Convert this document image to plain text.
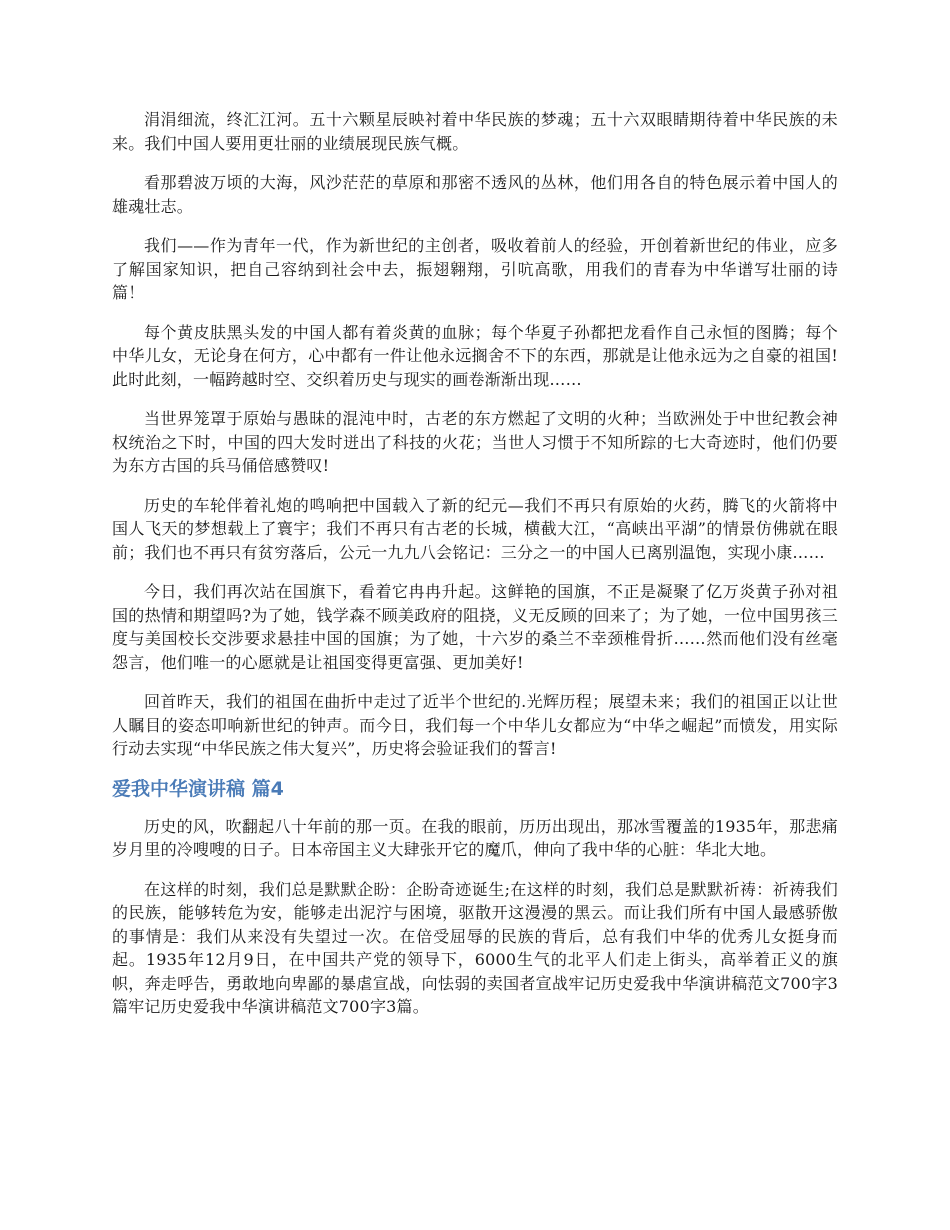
涓涓细流，终汇江河。五十六颗星辰映衬着中华民族的梦魂；五十六双眼睛期待着中华民族的未来。我们中国人要用更壮丽的业绩展现民族气概。

看那碧波万顷的大海，风沙茫茫的草原和那密不透风的丛林，他们用各自的特色展示着中国人的雄魂壮志。

我们——作为青年一代，作为新世纪的主创者，吸收着前人的经验，开创着新世纪的伟业，应多了解国家知识，把自己容纳到社会中去，振翅翱翔，引吭高歌，用我们的青春为中华谱写壮丽的诗篇！

每个黄皮肤黑头发的中国人都有着炎黄的血脉；每个华夏子孙都把龙看作自己永恒的图腾；每个中华儿女，无论身在何方，心中都有一件让他永远搁舍不下的东西，那就是让他永远为之自豪的祖国!此时此刻，一幅跨越时空、交织着历史与现实的画卷渐渐出现……

当世界笼罩于原始与愚昧的混沌中时，古老的东方燃起了文明的火种；当欧洲处于中世纪教会神权统治之下时，中国的四大发时迸出了科技的火花；当世人习惯于不知所踪的七大奇迹时，他们仍要为东方古国的兵马俑倍感赞叹!

历史的车轮伴着礼炮的鸣响把中国载入了新的纪元—我们不再只有原始的火药，腾飞的火箭将中国人飞天的梦想载上了寰宇；我们不再只有古老的长城，横截大江，“高峡出平湖”的情景仿佛就在眼前；我们也不再只有贫穷落后，公元一九九八会铭记：三分之一的中国人已离别温饱，实现小康……

今日，我们再次站在国旗下，看着它冉冉升起。这鲜艳的国旗，不正是凝聚了亿万炎黄子孙对祖国的热情和期望吗?为了她，钱学森不顾美政府的阻挠，义无反顾的回来了；为了她，一位中国男孩三度与美国校长交涉要求悬挂中国的国旗；为了她，十六岁的桑兰不幸颈椎骨折……然而他们没有丝毫怨言，他们唯一的心愿就是让祖国变得更富强、更加美好!

回首昨天，我们的祖国在曲折中走过了近半个世纪的.光辉历程；展望未来；我们的祖国正以让世人瞩目的姿态叩响新世纪的钟声。而今日，我们每一个中华儿女都应为“中华之崛起”而愤发，用实际行动去实现“中华民族之伟大复兴”，历史将会验证我们的誓言!

爱我中华演讲稿 篇4

历史的风，吹翻起八十年前的那一页。在我的眼前，历历出现出，那冰雪覆盖的1935年，那悲痛岁月里的冷嗖嗖的日子。日本帝国主义大肆张开它的魔爪，伸向了我中华的心脏：华北大地。

在这样的时刻，我们总是默默企盼：企盼奇迹诞生;在这样的时刻，我们总是默默祈祷：祈祷我们的民族，能够转危为安，能够走出泥泞与困境，驱散开这漫漫的黑云。而让我们所有中国人最感骄傲的事情是：我们从来没有失望过一次。在倍受屈辱的民族的背后，总有我们中华的优秀儿女挺身而起。1935年12月9日，在中国共产党的领导下，6000生气的北平人们走上街头，高举着正义的旗帜，奔走呼告，勇敢地向卑鄙的暴虐宣战，向怯弱的卖国者宣战牢记历史爱我中华演讲稿范文700字3篇牢记历史爱我中华演讲稿范文700字3篇。
